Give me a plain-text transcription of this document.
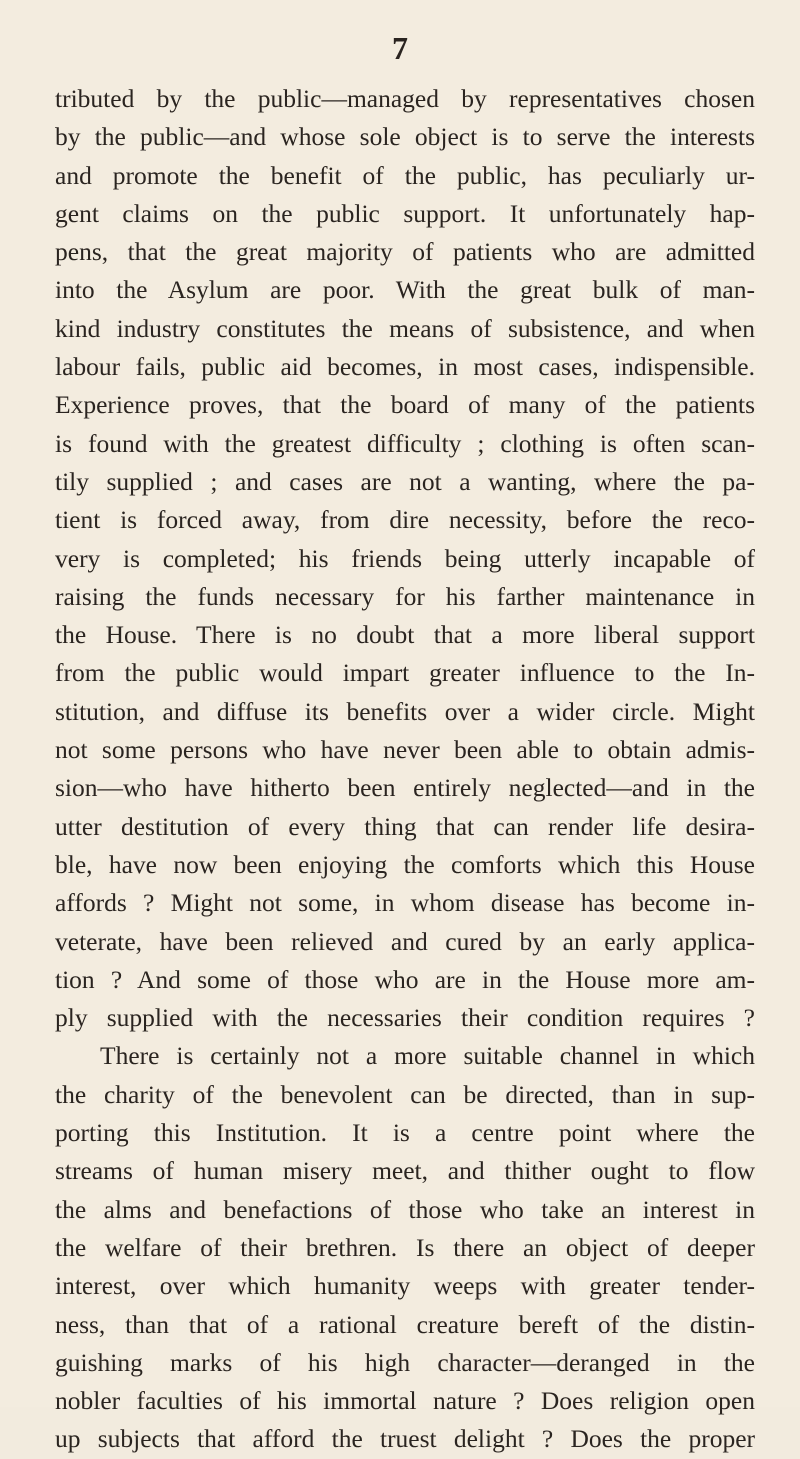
7
tributed by the public—managed by representatives chosen
by the public—and whose sole object is to serve the interests
and promote the benefit of the public, has peculiarly ur-
gent claims on the public support. It unfortunately hap-
pens, that the great majority of patients who are admitted
into the Asylum are poor. With the great bulk of man-
kind industry constitutes the means of subsistence, and when
labour fails, public aid becomes, in most cases, indispensible.
Experience proves, that the board of many of the patients
is found with the greatest difficulty ; clothing is often scan-
tily supplied ; and cases are not a wanting, where the pa-
tient is forced away, from dire necessity, before the reco-
very is completed; his friends being utterly incapable of
raising the funds necessary for his farther maintenance in
the House. There is no doubt that a more liberal support
from the public would impart greater influence to the In-
stitution, and diffuse its benefits over a wider circle. Might
not some persons who have never been able to obtain admis-
sion—who have hitherto been entirely neglected—and in the
utter destitution of every thing that can render life desira-
ble, have now been enjoying the comforts which this House
affords ? Might not some, in whom disease has become in-
veterate, have been relieved and cured by an early applica-
tion ? And some of those who are in the House more am-
ply supplied with the necessaries their condition requires ?
There is certainly not a more suitable channel in which
the charity of the benevolent can be directed, than in sup-
porting this Institution. It is a centre point where the
streams of human misery meet, and thither ought to flow
the alms and benefactions of those who take an interest in
the welfare of their brethren. Is there an object of deeper
interest, over which humanity weeps with greater tender-
ness, than that of a rational creature bereft of the distin-
guishing marks of his high character—deranged in the
nobler faculties of his immortal nature ? Does religion open
up subjects that afford the truest delight ? Does the proper
